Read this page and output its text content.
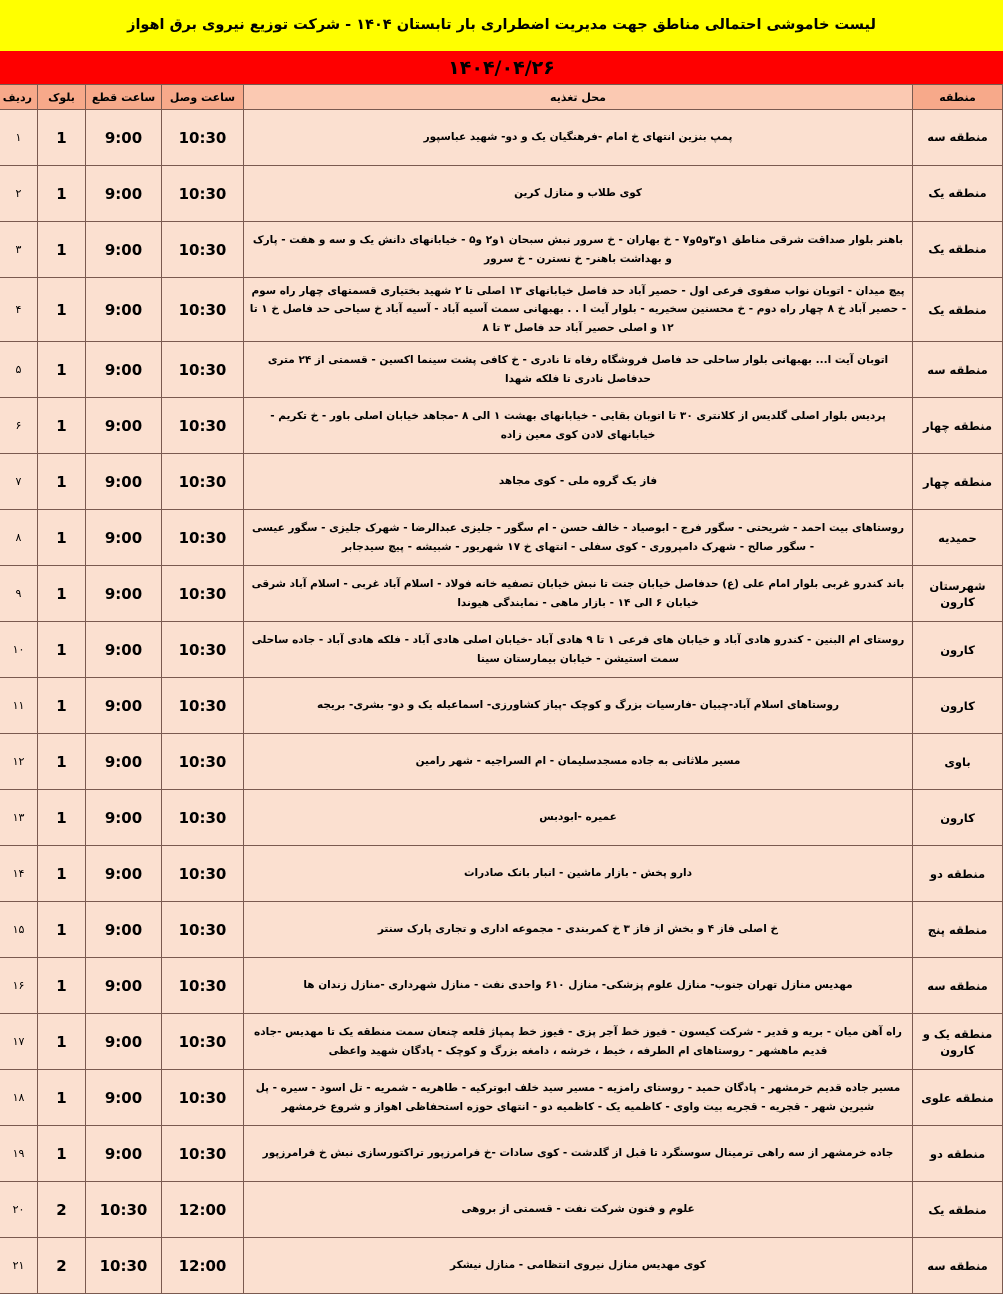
لیست خاموشی احتمالی مناطق جهت مدیریت اضطراری بار تابستان ۱۴۰۴ - شرکت توزیع نیروی برق اهواز
۱۴۰۴/۰۴/۲۶
منطقه	محل تغذیه	ساعت وصل	ساعت قطع	بلوک	ردیف
منطقه سه	پمپ بنزین انتهای خ امام -فرهنگیان یک و دو- شهید عباسپور	10:30	9:00	1	۱
منطقه یک	کوی طلاب و منازل کرین	10:30	9:00	1	۲
منطقه یک	باهنر بلوار صداقت شرقی مناطق ۱و۳و۵و۷ - خ بهاران - خ سرور نبش سبحان ۱و۲ و۵ - خیابانهای دانش یک و سه و هفت - پارک و بهداشت باهنر- خ نسترن - خ سرور	10:30	9:00	1	۳
منطقه یک	پیچ میدان - اتوبان نواب صفوی فرعی اول - حصیر آباد حد فاصل خیابانهای ۱۳ اصلی تا ۲ شهید بختیاری قسمتهای چهار راه سوم - حصیر آباد خ ۸ چهار راه دوم - خ محسنین سخیریه - بلوار آیت ا . . بهبهانی سمت آسیه آباد - آسیه آباد خ سیاحی حد فاصل خ ۱ تا ۱۲ و اصلی حصیر آباد حد فاصل ۳ تا ۸	10:30	9:00	1	۴
منطقه سه	اتوبان آیت ا... بهبهانی بلوار ساحلی حد فاصل فروشگاه رفاه تا نادری - خ کافی پشت سینما اکسین - قسمتی از ۲۴ متری حدفاصل نادری تا فلکه شهدا	10:30	9:00	1	۵
منطقه چهار	پردیس بلوار اصلی گلدیس از کلانتری ۳۰ تا اتوبان بقایی - خیابانهای بهشت ۱ الی ۸ -مجاهد خیابان اصلی باور - خ تکریم - خیابانهای لادن کوی معین زاده	10:30	9:00	1	۶
منطقه چهار	فاز یک گروه ملی - کوی مجاهد	10:30	9:00	1	۷
حمیدیه	روستاهای بیت احمد - شریحتی - سگور فرج - ابوصیاد - خالف حسن - ام سگور - جلیزی عبدالرضا - شهرک جلیزی - سگور عیسی - سگور صالح - شهرک دامپروری - کوی سفلی - انتهای خ ۱۷ شهریور - شبیشه - پیچ سیدجابر	10:30	9:00	1	۸
شهرستان کارون	باند کندرو غربی بلوار امام علی (ع) حدفاصل خیابان جنت تا نبش خیابان تصفیه خانه فولاد - اسلام آباد غربی - اسلام آباد شرقی خیابان ۶ الی ۱۴ - بازار ماهی - نمایندگی هیوندا	10:30	9:00	1	۹
کارون	روستای ام البنین - کندرو هادی آباد و خیابان های فرعی ۱ تا ۹ هادی آباد -خیابان اصلی هادی آباد - فلکه هادی آباد - جاده ساحلی سمت استیشن - خیابان بیمارستان سینا	10:30	9:00	1	۱۰
کارون	روستاهای اسلام آباد-چبیان -فارسیات بزرگ و کوچک -پیاز کشاورزی- اسماعیله یک و دو- بشری- بریجه	10:30	9:00	1	۱۱
باوی	مسیر ملاثانی به جاده مسجدسلیمان - ام السراجیه - شهر رامین	10:30	9:00	1	۱۲
کارون	عمیره -ابودبس	10:30	9:00	1	۱۳
منطقه دو	دارو پخش - بازار ماشین - انبار بانک صادرات	10:30	9:00	1	۱۴
منطقه پنج	خ اصلی فاز ۴ و بخش از فاز ۳ خ کمربندی - مجموعه اداری و تجاری پارک سنتر	10:30	9:00	1	۱۵
منطقه سه	مهدیس منازل تهران جنوب- منازل علوم پزشکی- منازل ۶۱۰ واحدی نفت - منازل شهرداری -منازل زندان ها	10:30	9:00	1	۱۶
منطقه یک و کارون	راه آهن میان - بریه و قدیر - شرکت کیسون - فیوز خط آجر پزی - فیوز خط پمپاژ قلعه چنعان سمت منطقه یک تا مهدیس -جاده قدیم ماهشهر - روستاهای ام الطرفه ، خیط ، خرشه ، دامغه بزرگ و کوچک - پادگان شهید واعظی	10:30	9:00	1	۱۷
منطقه علوی	مسیر جاده قدیم خرمشهر - پادگان حمید - روستای رامزیه - مسیر سید خلف ابوترکیه - طاهریه - شمریه - تل اسود - سیره - پل شیرین شهر - قجریه - قجریه بیت واوی - کاظمیه یک - کاظمیه دو - انتهای حوزه استحفاظی اهواز و شروع خرمشهر	10:30	9:00	1	۱۸
منطقه دو	جاده خرمشهر از سه راهی ترمینال سوسنگرد تا قبل از گلدشت - کوی سادات -خ فرامرزپور تراکتورسازی نبش خ فرامرزپور	10:30	9:00	1	۱۹
منطقه یک	علوم و فنون شرکت نفت - قسمتی از بروهی	12:00	10:30	2	۲۰
منطقه سه	کوی مهدیس منازل نیروی انتظامی - منازل نیشکر	12:00	10:30	2	۲۱
